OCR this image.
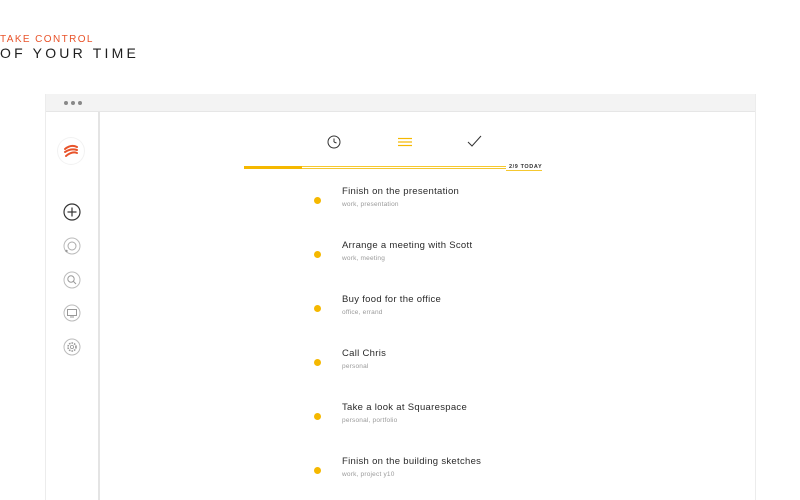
TAKE CONTROL
OF YOUR TIME
2/9 TODAY
Finish on the presentation
work, presentation
Arrange a meeting with Scott
work, meeting
Buy food for the office
office, errand
Call Chris
personal
Take a look at Squarespace
personal, portfolio
Finish on the building sketches
work, project y10
